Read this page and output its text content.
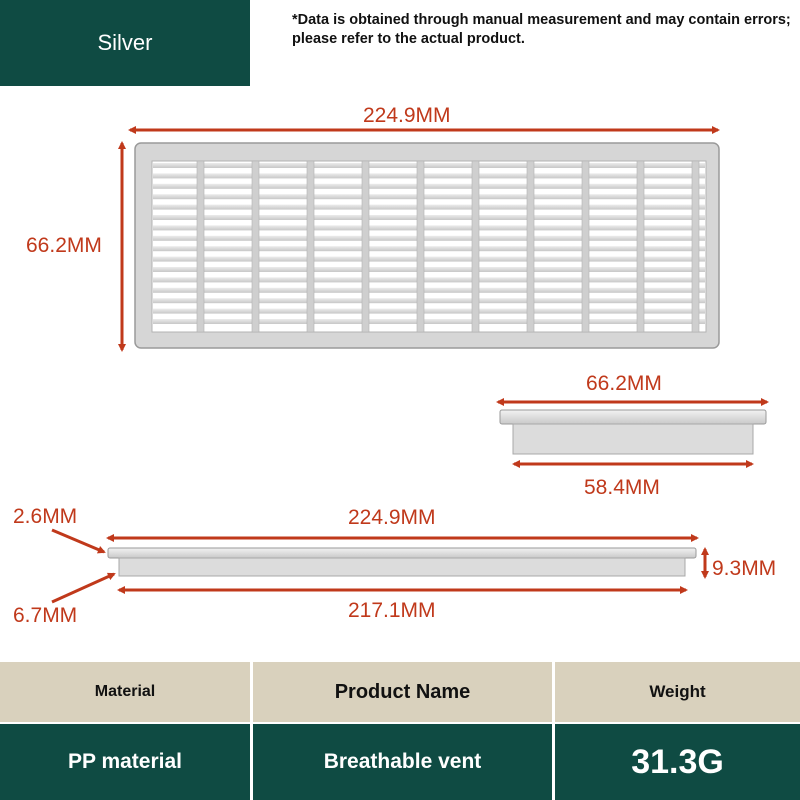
Silver
*Data is obtained through manual measurement and may contain errors; please refer to the actual product.
224.9MM
66.2MM
66.2MM
58.4MM
2.6MM	224.9MM
9.3MM
6.7MM	217.1MM
Material	Product Name	Weight
PP material	Breathable vent	31.3G
